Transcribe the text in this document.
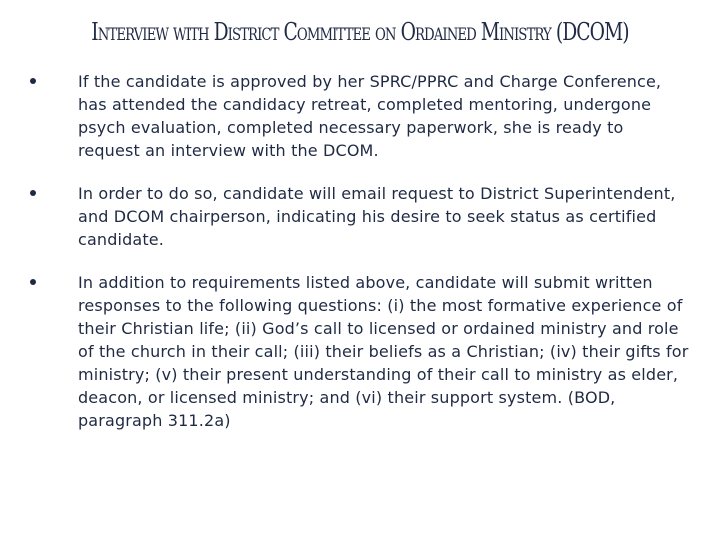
Interview with District Committee on Ordained Ministry (DCOM)
If the candidate is approved by her SPRC/PPRC and Charge Conference, has attended the candidacy retreat, completed mentoring, undergone psych evaluation, completed necessary paperwork, she is ready to request an interview with the DCOM.
In order to do so, candidate will email request to District Superintendent, and DCOM chairperson, indicating his desire to seek status as certified candidate.
In addition to requirements listed above, candidate will submit written responses to the following questions: (i) the most formative experience of their Christian life; (ii) God’s call to licensed or ordained ministry and role of the church in their call; (iii) their beliefs as a Christian; (iv) their gifts for ministry; (v) their present understanding of their call to ministry as elder, deacon, or licensed ministry; and (vi) their support system. (BOD, paragraph 311.2a)
